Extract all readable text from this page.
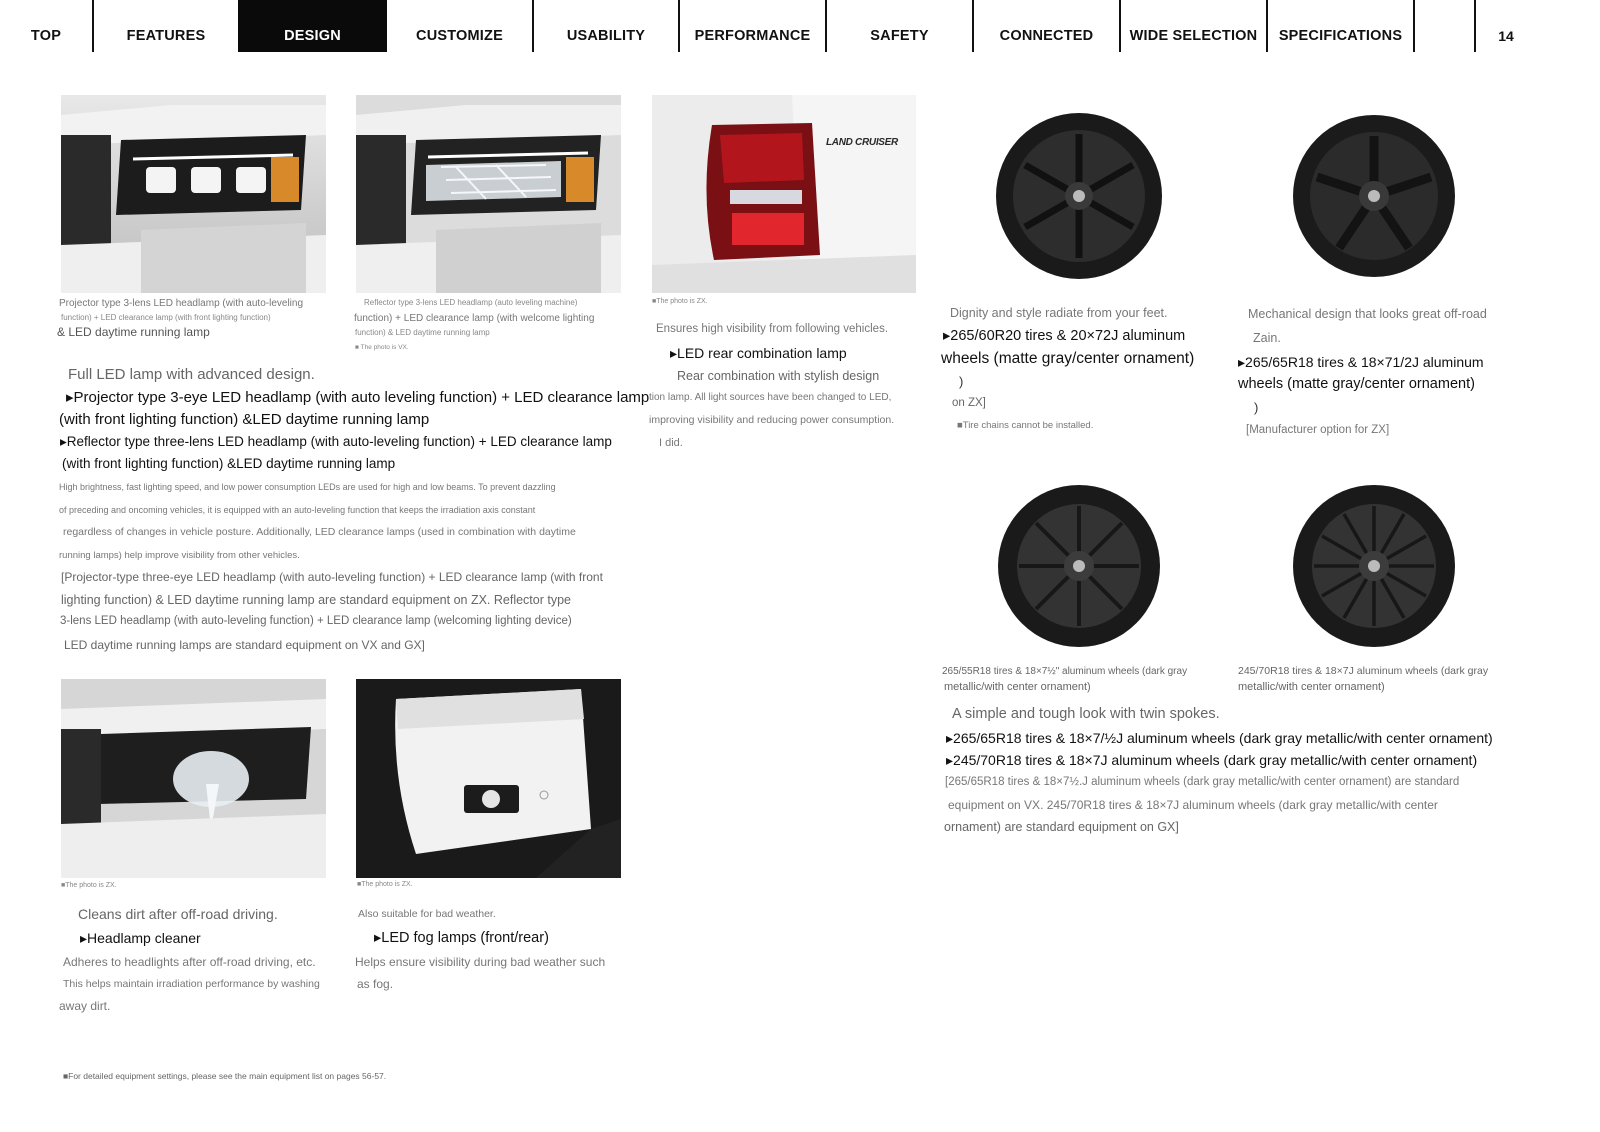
TOP	FEATURES	DESIGN	CUSTOMIZE	USABILITY	PERFORMANCE	SAFETY	CONNECTED	WIDE SELECTION	SPECIFICATIONS	14
LAND CRUISER
Projector type 3-lens LED headlamp (with auto-leveling
function) + LED clearance lamp (with front lighting function)
& LED daytime running lamp
Reflector type 3-lens LED headlamp (auto leveling machine)
function) + LED clearance lamp (with welcome lighting
function) & LED daytime running lamp
■ The photo is VX.
Full LED lamp with advanced design.
▸Projector type 3-eye LED headlamp (with auto leveling function) + LED clearance lamp
(with front lighting function) &LED daytime running lamp
▸Reflector type three-lens LED headlamp (with auto-leveling function) + LED clearance lamp
(with front lighting function) &LED daytime running lamp
High brightness, fast lighting speed, and low power consumption LEDs are used for high and low beams. To prevent dazzling
of preceding and oncoming vehicles, it is equipped with an auto-leveling function that keeps the irradiation axis constant
regardless of changes in vehicle posture. Additionally, LED clearance lamps (used in combination with daytime
running lamps) help improve visibility from other vehicles.
[Projector-type three-eye LED headlamp (with auto-leveling function) + LED clearance lamp (with front
lighting function) & LED daytime running lamp are standard equipment on ZX. Reflector type
3-lens LED headlamp (with auto-leveling function) + LED clearance lamp (welcoming lighting device)
LED daytime running lamps are standard equipment on VX and GX]
■The photo is ZX.
Ensures high visibility from following vehicles.
▸LED rear combination lamp
Rear combination with stylish design
tion lamp. All light sources have been changed to LED,
improving visibility and reducing power consumption.
I did.
Dignity and style radiate from your feet.
▸265/60R20 tires & 20×72J aluminum
wheels (matte gray/center ornament)
)
on ZX]
■Tire chains cannot be installed.
Mechanical design that looks great off-road
Zain.
▸265/65R18 tires & 18×71/2J aluminum
wheels (matte gray/center ornament)
)
[Manufacturer option for ZX]
265/55R18 tires & 18×7½" aluminum wheels (dark gray
metallic/with center ornament)
245/70R18 tires & 18×7J aluminum wheels (dark gray
metallic/with center ornament)
A simple and tough look with twin spokes.
▸265/65R18 tires & 18×7/½J aluminum wheels (dark gray metallic/with center ornament)
▸245/70R18 tires & 18×7J aluminum wheels (dark gray metallic/with center ornament)
[265/65R18 tires & 18×7½.J aluminum wheels (dark gray metallic/with center ornament) are standard
equipment on VX. 245/70R18 tires & 18×7J aluminum wheels (dark gray metallic/with center
ornament) are standard equipment on GX]
■The photo is ZX.
Cleans dirt after off-road driving.
▸Headlamp cleaner
Adheres to headlights after off-road driving, etc.
This helps maintain irradiation performance by washing
away dirt.
■The photo is ZX.
Also suitable for bad weather.
▸LED fog lamps (front/rear)
Helps ensure visibility during bad weather such
as fog.
■For detailed equipment settings, please see the main equipment list on pages 56-57.
